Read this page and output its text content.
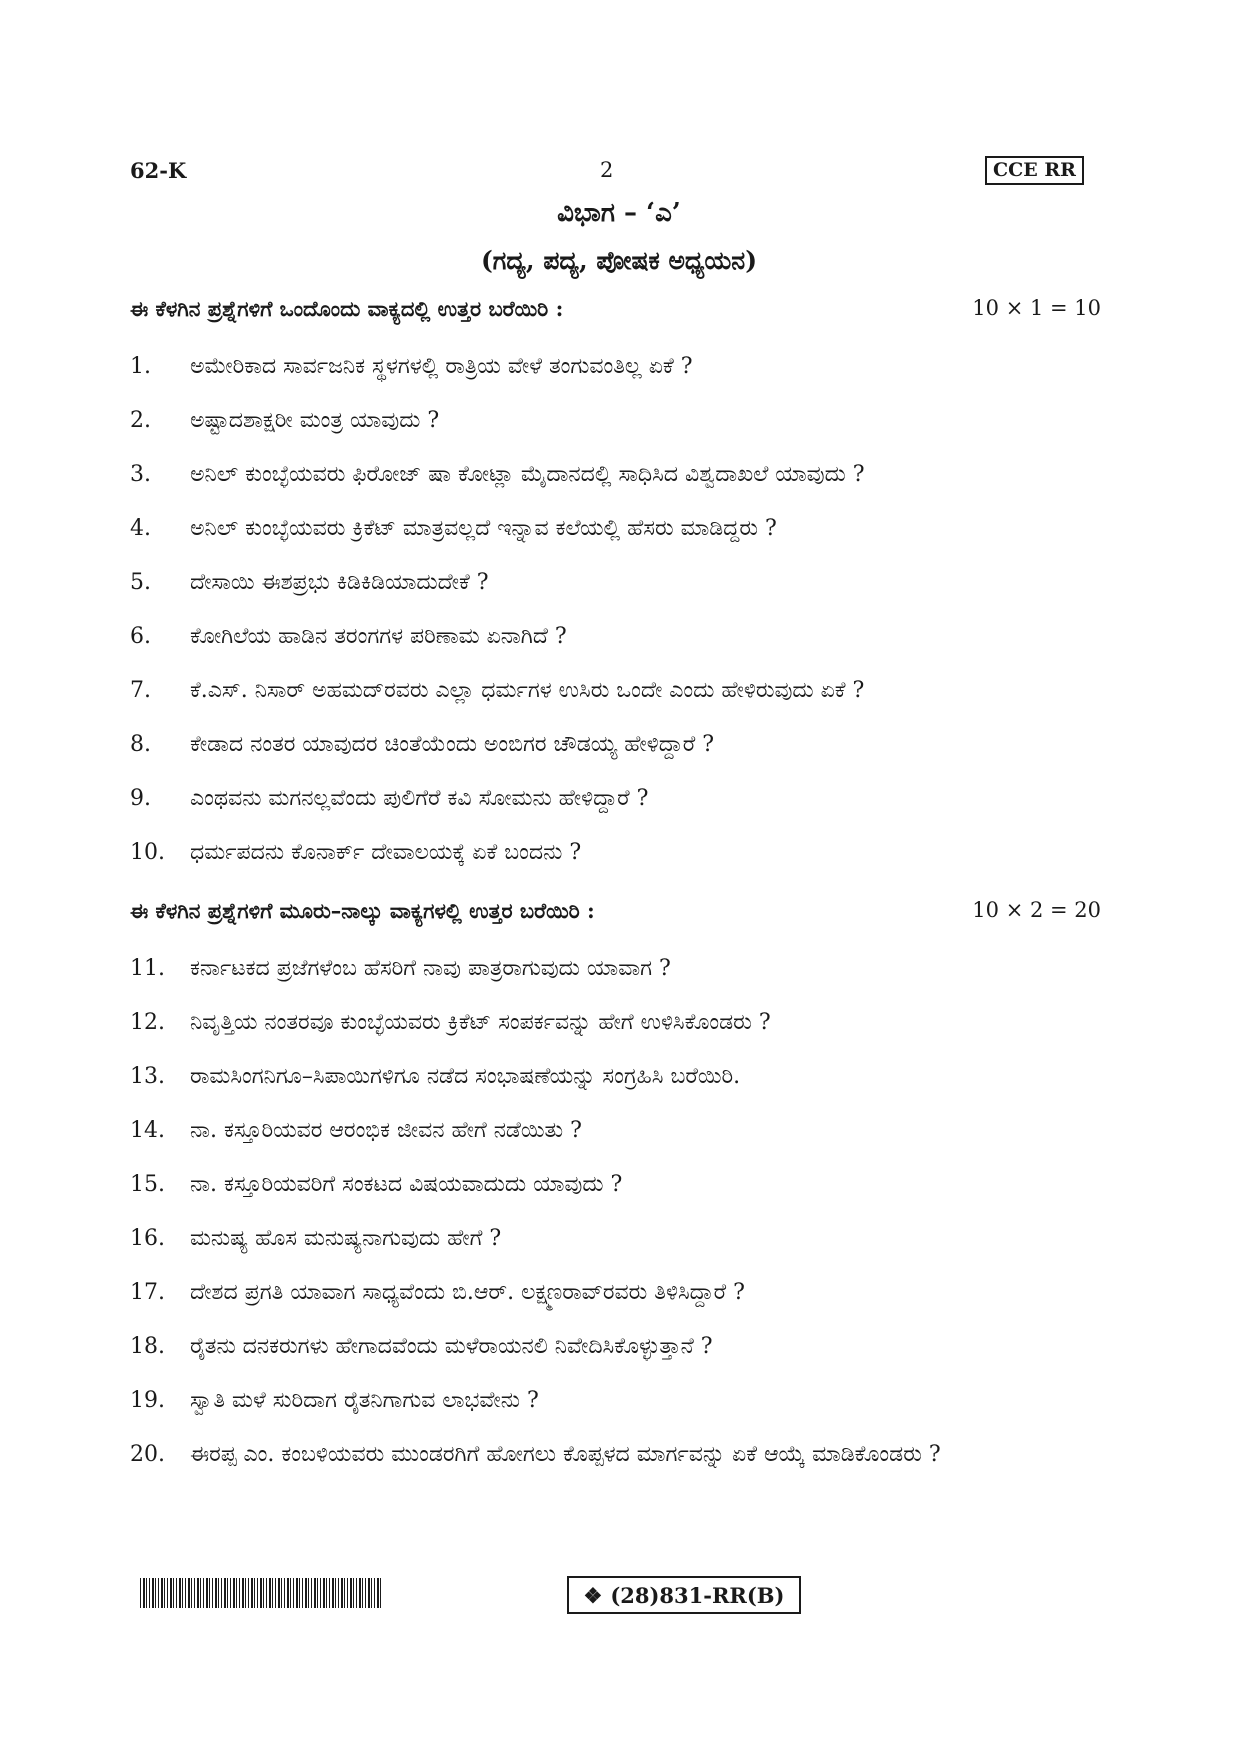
62-K	2	CCE RR
ವಿಭಾಗ – ‘ಎ’
(ಗದ್ಯ, ಪದ್ಯ, ಪೋಷಕ ಅಧ್ಯಯನ)
ಈ ಕೆಳಗಿನ ಪ್ರಶ್ನೆಗಳಿಗೆ ಒಂದೊಂದು ವಾಕ್ಯದಲ್ಲಿ ಉತ್ತರ ಬರೆಯಿರಿ :	10 × 1 = 10
1.	ಅಮೇರಿಕಾದ ಸಾರ್ವಜನಿಕ ಸ್ಥಳಗಳಲ್ಲಿ ರಾತ್ರಿಯ ವೇಳೆ ತಂಗುವಂತಿಲ್ಲ ಏಕೆ ?
2.	ಅಷ್ಟಾದಶಾಕ್ಷರೀ ಮಂತ್ರ ಯಾವುದು ?
3.	ಅನಿಲ್ ಕುಂಬ್ಳೆಯವರು ಫಿರೋಜ್ ಷಾ ಕೋಟ್ಲಾ ಮೈದಾನದಲ್ಲಿ ಸಾಧಿಸಿದ ವಿಶ್ವದಾಖಲೆ ಯಾವುದು ?
4.	ಅನಿಲ್ ಕುಂಬ್ಳೆಯವರು ಕ್ರಿಕೆಟ್ ಮಾತ್ರವಲ್ಲದೆ ಇನ್ನಾವ ಕಲೆಯಲ್ಲಿ ಹೆಸರು ಮಾಡಿದ್ದರು ?
5.	ದೇಸಾಯಿ ಈಶಪ್ರಭು ಕಿಡಿಕಿಡಿಯಾದುದೇಕೆ ?
6.	ಕೋಗಿಲೆಯ ಹಾಡಿನ ತರಂಗಗಳ ಪರಿಣಾಮ ಏನಾಗಿದೆ ?
7.	ಕೆ.ಎಸ್. ನಿಸಾರ್ ಅಹಮದ್‌ರವರು ಎಲ್ಲಾ ಧರ್ಮಗಳ ಉಸಿರು ಒಂದೇ ಎಂದು ಹೇಳಿರುವುದು ಏಕೆ ?
8.	ಕೇಡಾದ ನಂತರ ಯಾವುದರ ಚಿಂತೆಯೆಂದು ಅಂಬಿಗರ ಚೌಡಯ್ಯ ಹೇಳಿದ್ದಾರೆ ?
9.	ಎಂಥವನು ಮಗನಲ್ಲವೆಂದು ಪುಲಿಗೆರೆ ಕವಿ ಸೋಮನು ಹೇಳಿದ್ದಾರೆ ?
10.	ಧರ್ಮಪದನು ಕೊನಾರ್ಕ್ ದೇವಾಲಯಕ್ಕೆ ಏಕೆ ಬಂದನು ?
ಈ ಕೆಳಗಿನ ಪ್ರಶ್ನೆಗಳಿಗೆ ಮೂರು–ನಾಲ್ಕು ವಾಕ್ಯಗಳಲ್ಲಿ ಉತ್ತರ ಬರೆಯಿರಿ :	10 × 2 = 20
11.	ಕರ್ನಾಟಕದ ಪ್ರಜೆಗಳೆಂಬ ಹೆಸರಿಗೆ ನಾವು ಪಾತ್ರರಾಗುವುದು ಯಾವಾಗ ?
12.	ನಿವೃತ್ತಿಯ ನಂತರವೂ ಕುಂಬ್ಳೆಯವರು ಕ್ರಿಕೆಟ್ ಸಂಪರ್ಕವನ್ನು ಹೇಗೆ ಉಳಿಸಿಕೊಂಡರು ?
13.	ರಾಮಸಿಂಗನಿಗೂ–ಸಿಪಾಯಿಗಳಿಗೂ ನಡೆದ ಸಂಭಾಷಣೆಯನ್ನು ಸಂಗ್ರಹಿಸಿ ಬರೆಯಿರಿ.
14.	ನಾ. ಕಸ್ತೂರಿಯವರ ಆರಂಭಿಕ ಜೀವನ ಹೇಗೆ ನಡೆಯಿತು ?
15.	ನಾ. ಕಸ್ತೂರಿಯವರಿಗೆ ಸಂಕಟದ ವಿಷಯವಾದುದು ಯಾವುದು ?
16.	ಮನುಷ್ಯ ಹೊಸ ಮನುಷ್ಯನಾಗುವುದು ಹೇಗೆ ?
17.	ದೇಶದ ಪ್ರಗತಿ ಯಾವಾಗ ಸಾಧ್ಯವೆಂದು ಬಿ.ಆರ್. ಲಕ್ಷ್ಮಣರಾವ್‌ರವರು ತಿಳಿಸಿದ್ದಾರೆ ?
18.	ರೈತನು ದನಕರುಗಳು ಹೇಗಾದವೆಂದು ಮಳೆರಾಯನಲಿ ನಿವೇದಿಸಿಕೊಳ್ಳುತ್ತಾನೆ ?
19.	ಸ್ವಾತಿ ಮಳೆ ಸುರಿದಾಗ ರೈತನಿಗಾಗುವ ಲಾಭವೇನು ?
20.	ಈರಪ್ಪ ಎಂ. ಕಂಬಳಿಯವರು ಮುಂಡರಗಿಗೆ ಹೋಗಲು ಕೊಪ್ಪಳದ ಮಾರ್ಗವನ್ನು ಏಕೆ ಆಯ್ಕೆ ಮಾಡಿಕೊಂಡರು ?
❖ (28)831-RR(B)
